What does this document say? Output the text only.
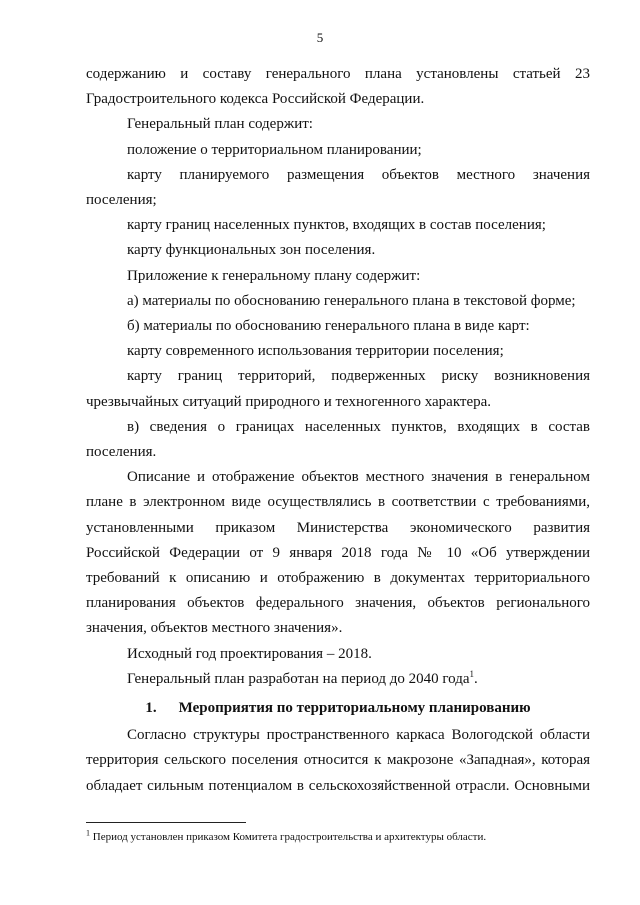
5

содержанию и составу генерального плана установлены статьей 23 Градостроительного кодекса Российской Федерации.

Генеральный план содержит:

положение о территориальном планировании;

карту планируемого размещения объектов местного значения поселения;

карту границ населенных пунктов, входящих в состав поселения;

карту функциональных зон поселения.

Приложение к генеральному плану содержит:

а) материалы по обоснованию генерального плана в текстовой форме;

б) материалы по обоснованию генерального плана в виде карт:

карту современного использования территории поселения;

карту границ территорий, подверженных риску возникновения чрезвычайных ситуаций природного и техногенного характера.

в) сведения о границах населенных пунктов, входящих в состав поселения.

Описание и отображение объектов местного значения в генеральном плане в электронном виде осуществлялись в соответствии с требованиями, установленными приказом Министерства экономического развития Российской Федерации от 9 января 2018 года № 10 «Об утверждении требований к описанию и отображению в документах территориального планирования объектов федерального значения, объектов регионального значения, объектов местного значения».

Исходный год проектирования – 2018.

Генеральный план разработан на период до 2040 года$^1$.

1. Мероприятия по территориальному планированию

Согласно структуры пространственного каркаса Вологодской области территория сельского поселения относится к макрозоне «Западная», которая обладает сильным потенциалом в сельскохозяйственной отрасли. Основными

$^1$ Период установлен приказом Комитета градостроительства и архитектуры области.
